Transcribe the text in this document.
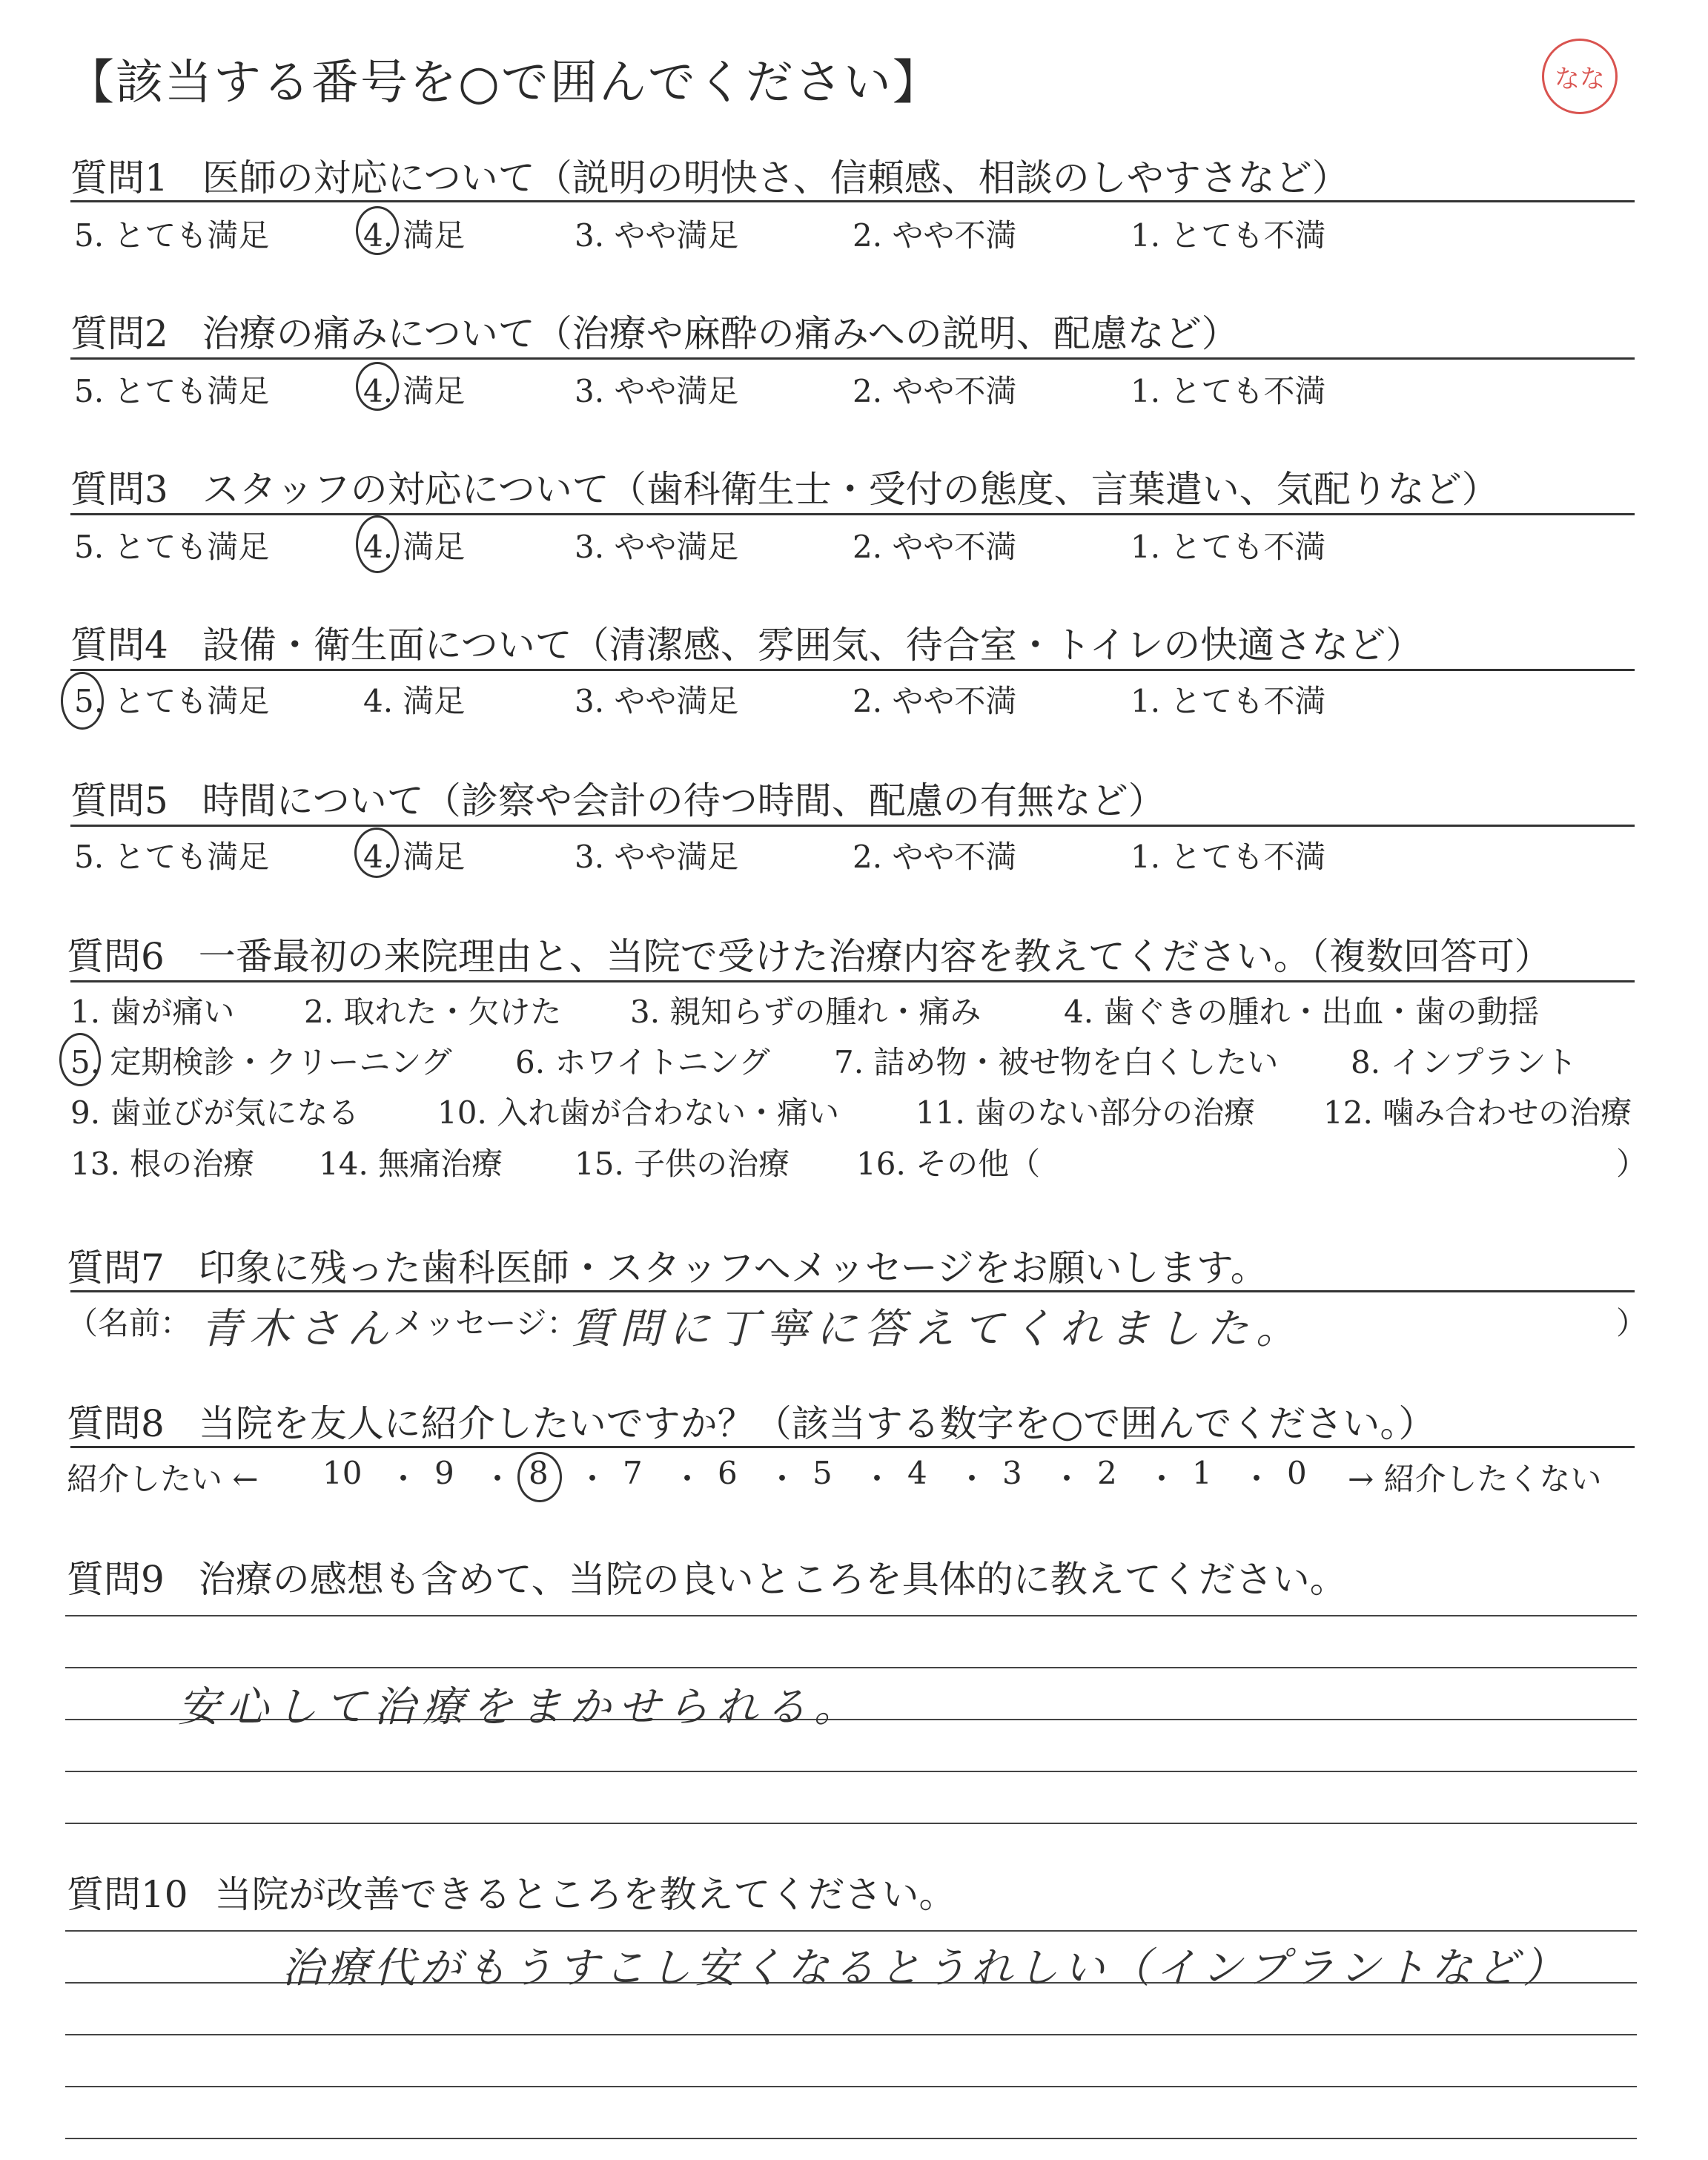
【該当する番号を○で囲んでください】	なな
質問1 医師の対応について（説明の明快さ、信頼感、相談のしやすさなど）
5. とても満足	4. 満足	3. やや満足	2. やや不満	1. とても不満
質問2 治療の痛みについて（治療や麻酔の痛みへの説明、配慮など）
5. とても満足	4. 満足	3. やや満足	2. やや不満	1. とても不満
質問3 スタッフの対応について（歯科衛生士・受付の態度、言葉遣い、気配りなど）
5. とても満足	4. 満足	3. やや満足	2. やや不満	1. とても不満
質問4 設備・衛生面について（清潔感、雰囲気、待合室・トイレの快適さなど）
5. とても満足	4. 満足	3. やや満足	2. やや不満	1. とても不満
質問5 時間について（診察や会計の待つ時間、配慮の有無など）
5. とても満足	4. 満足	3. やや満足	2. やや不満	1. とても不満
質問6 一番最初の来院理由と、当院で受けた治療内容を教えてください。（複数回答可）
1. 歯が痛い 2. 取れた・欠けた 3. 親知らずの腫れ・痛み	4. 歯ぐきの腫れ・出血・歯の動揺
5. 定期検診・クリーニング 6. ホワイトニング 7. 詰め物・被せ物を白くしたい 8. インプラント
9. 歯並びが気になる	10. 入れ歯が合わない・痛い 11. 歯のない部分の治療 12. 噛み合わせの治療
13. 根の治療 14. 無痛治療 15. 子供の治療 16. その他（	）
質問7 印象に残った歯科医師・スタッフへメッセージをお願いします。
（名前： 青木さん
メッセージ：
質問に丁寧に答えてくれました。	）
質問8 当院を友人に紹介したいですか？（該当する数字を○で囲んでください。）
紹介したい ←	→ 紹介したくない
10 9 8 7 6 5 4 3 2 1 0
・ ・ ・ ・ ・ ・ ・ ・ ・ ・
質問9 治療の感想も含めて、当院の良いところを具体的に教えてください。
安心して治療をまかせられる。
質問10 当院が改善できるところを教えてください。
治療代がもうすこし安くなるとうれしい（インプラントなど）
